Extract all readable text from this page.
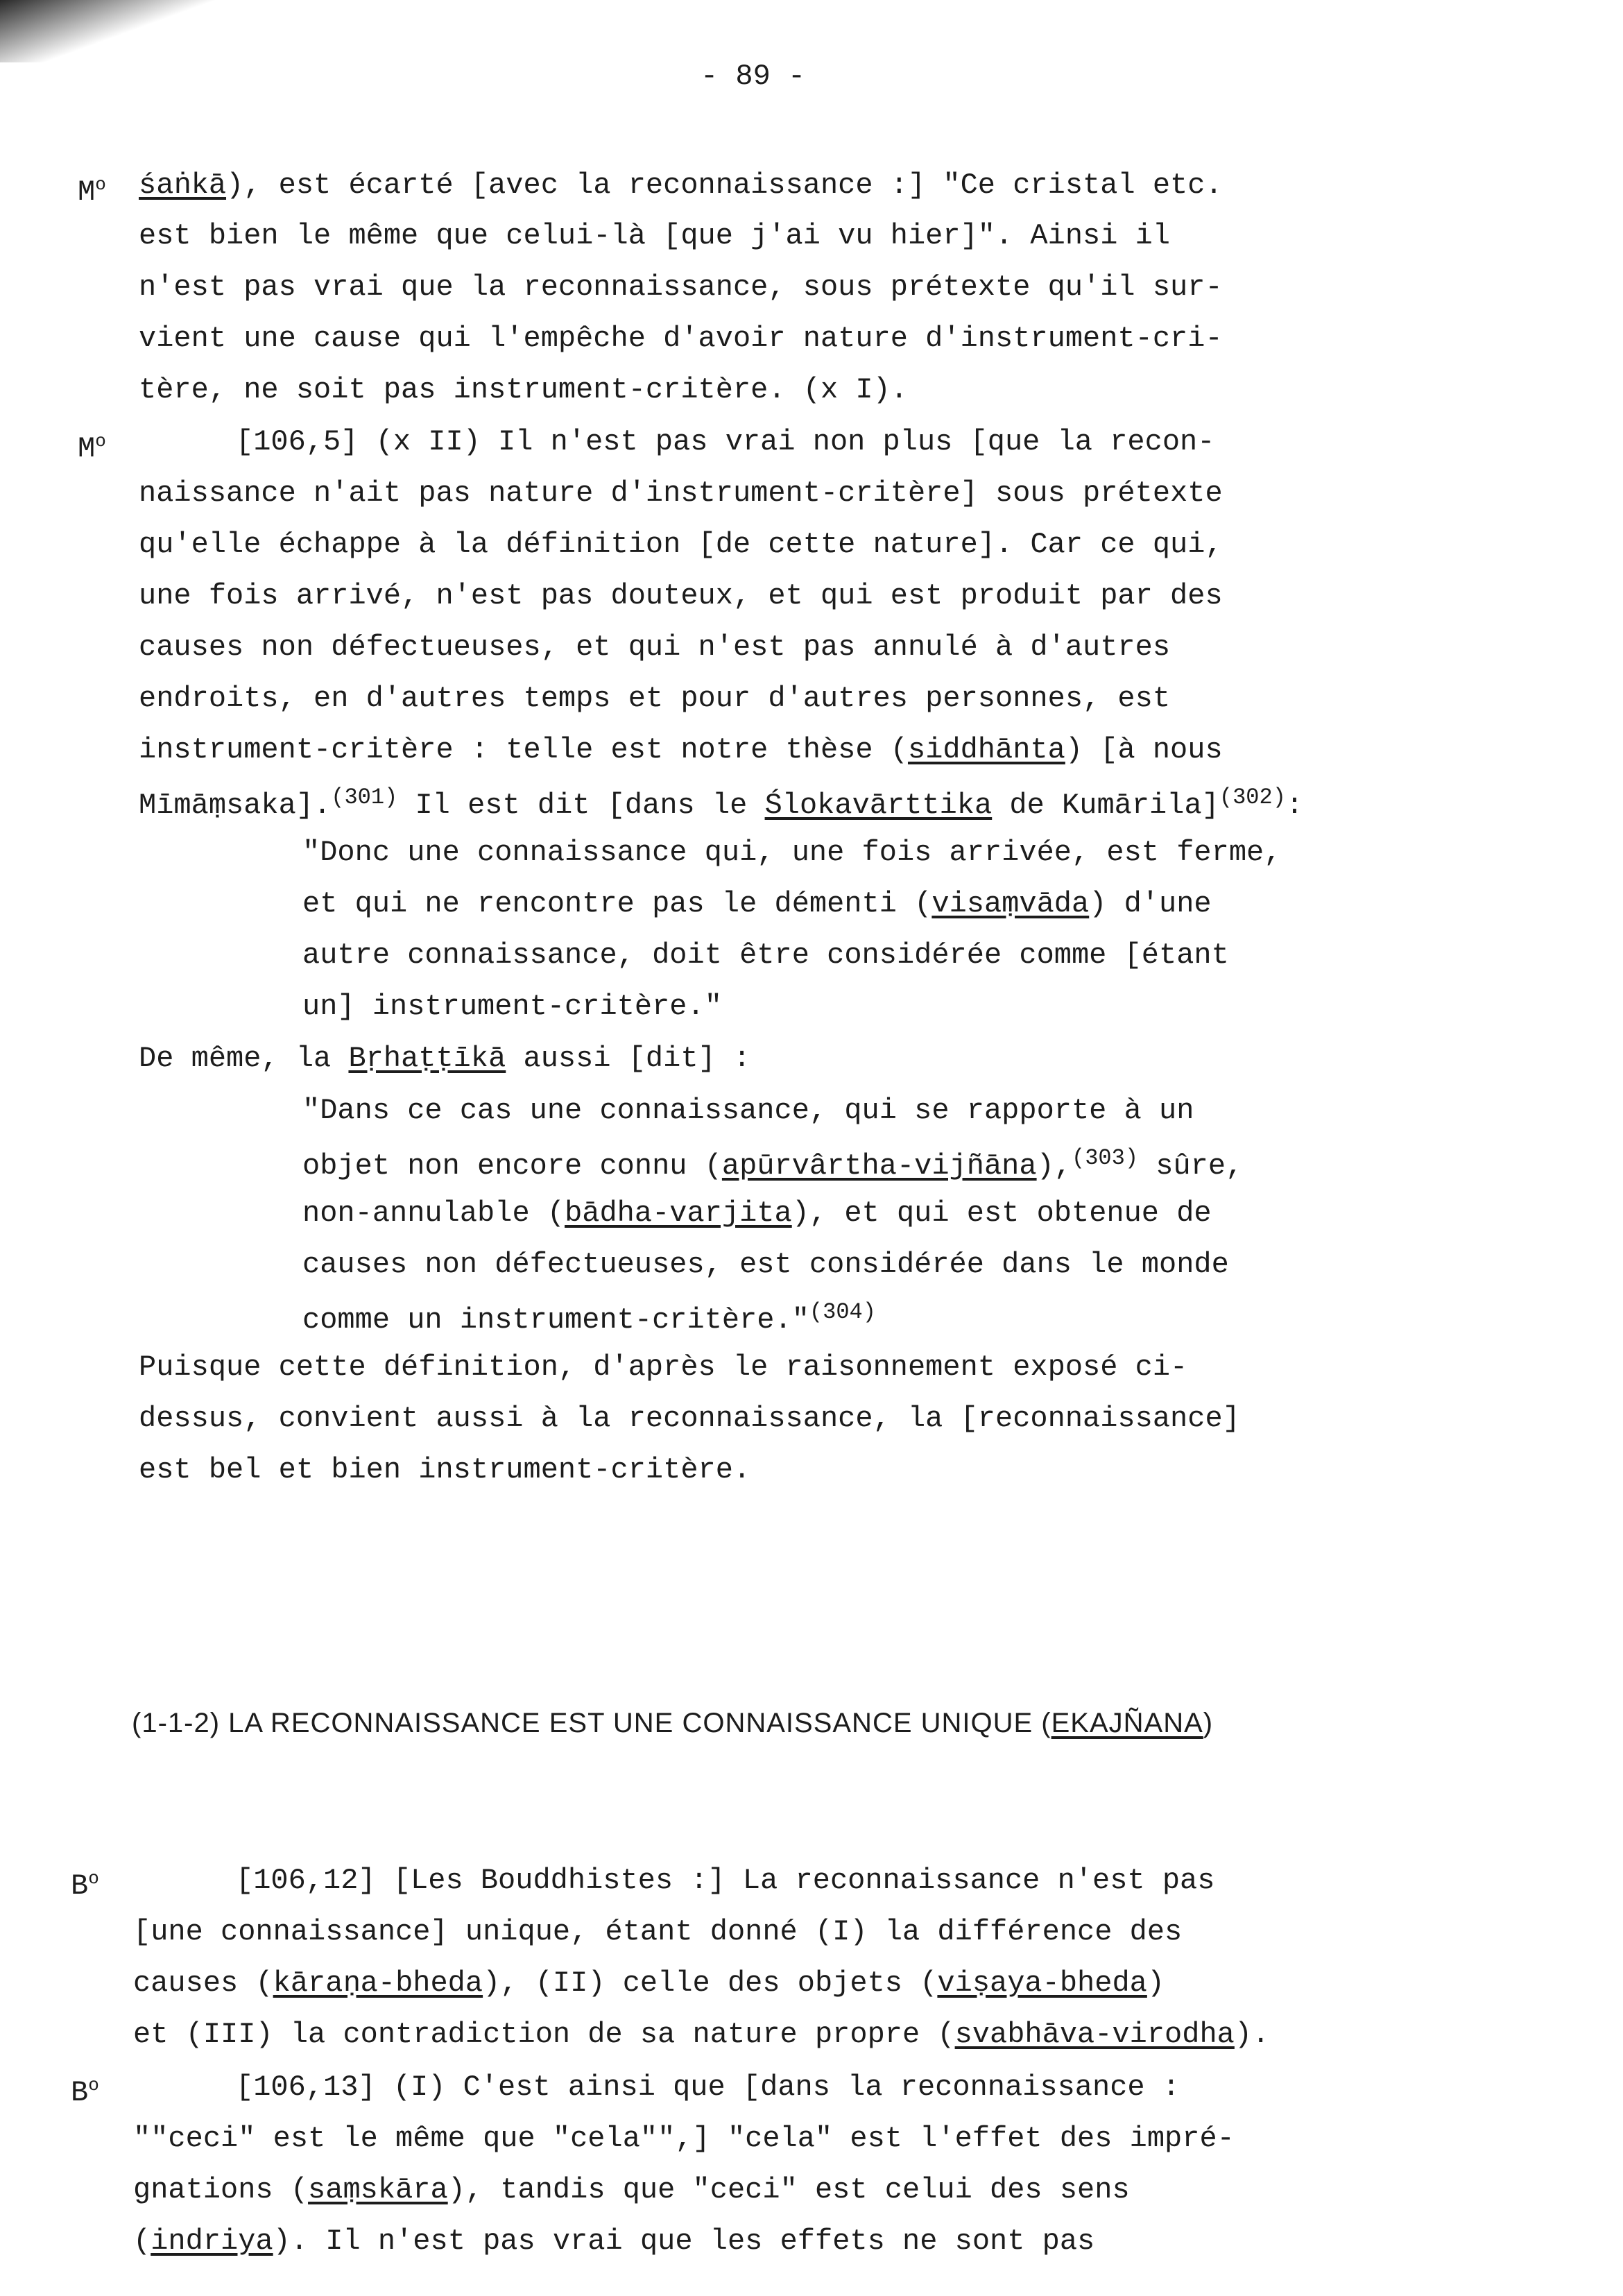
- 89 -
$M^o$
$M^o$
$B^o$
$B^o$
śaṅkā), est écarté [avec la reconnaissance :] "Ce cristal etc.
est bien le même que celui-là [que j'ai vu hier]". Ainsi il
n'est pas vrai que la reconnaissance, sous prétexte qu'il sur-
vient une cause qui l'empêche d'avoir nature d'instrument-cri-
tère, ne soit pas instrument-critère. (x I).
[106,5] (x II) Il n'est pas vrai non plus [que la recon-
naissance n'ait pas nature d'instrument-critère] sous prétexte
qu'elle échappe à la définition [de cette nature]. Car ce qui,
une fois arrivé, n'est pas douteux, et qui est produit par des
causes non défectueuses, et qui n'est pas annulé à d'autres
endroits, en d'autres temps et pour d'autres personnes, est
instrument-critère : telle est notre thèse (siddhānta) [à nous
Mīmāṃsaka].$^{(301)}$ Il est dit [dans le Ślokavārttika de Kumārila]$^{(302)}$:
"Donc une connaissance qui, une fois arrivée, est ferme,
et qui ne rencontre pas le démenti (visaṃvāda) d'une
autre connaissance, doit être considérée comme [étant
un] instrument-critère."
De même, la Bṛhaṭṭīkā aussi [dit] :
"Dans ce cas une connaissance, qui se rapporte à un
objet non encore connu (apūrvârtha-vijñāna),$^{(303)}$ sûre,
non-annulable (bādha-varjita), et qui est obtenue de
causes non défectueuses, est considérée dans le monde
comme un instrument-critère."$^{(304)}$
Puisque cette définition, d'après le raisonnement exposé ci-
dessus, convient aussi à la reconnaissance, la [reconnaissance]
est bel et bien instrument-critère.
(1-1-2) LA RECONNAISSANCE EST UNE CONNAISSANCE UNIQUE (EKAJÑANA)
[106,12] [Les Bouddhistes :] La reconnaissance n'est pas
[une connaissance] unique, étant donné (I) la différence des
causes (kāraṇa-bheda), (II) celle des objets (viṣaya-bheda)
et (III) la contradiction de sa nature propre (svabhāva-virodha).
[106,13] (I) C'est ainsi que [dans la reconnaissance :
""ceci" est le même que "cela"",] "cela" est l'effet des impré-
gnations (saṃskāra), tandis que "ceci" est celui des sens
(indriya). Il n'est pas vrai que les effets ne sont pas
